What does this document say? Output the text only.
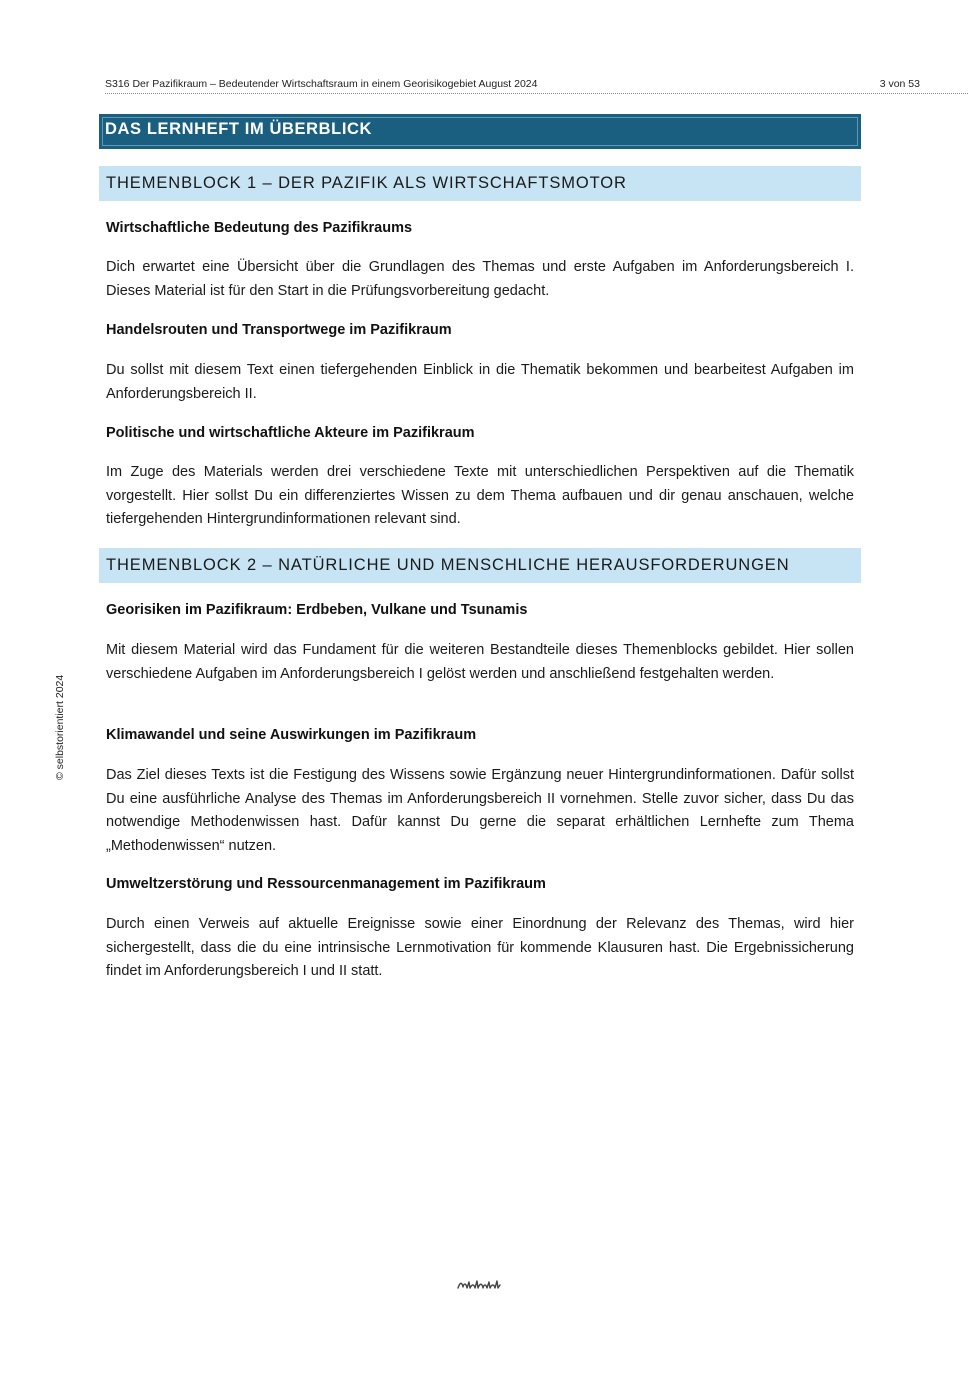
S316 Der Pazifikraum – Bedeutender Wirtschaftsraum in einem Georisikogebiet August 2024	3 von 53
DAS LERNHEFT IM ÜBERBLICK
THEMENBLOCK 1 – DER PAZIFIK ALS WIRTSCHAFTSMOTOR
Wirtschaftliche Bedeutung des Pazifikraums
Dich erwartet eine Übersicht über die Grundlagen des Themas und erste Aufgaben im Anforderungsbereich I. Dieses Material ist für den Start in die Prüfungsvorbereitung gedacht.
Handelsrouten und Transportwege im Pazifikraum
Du sollst mit diesem Text einen tiefergehenden Einblick in die Thematik bekommen und bearbeitest Aufgaben im Anforderungsbereich II.
Politische und wirtschaftliche Akteure im Pazifikraum
Im Zuge des Materials werden drei verschiedene Texte mit unterschiedlichen Perspektiven auf die Thematik vorgestellt. Hier sollst Du ein differenziertes Wissen zu dem Thema aufbauen und dir genau anschauen, welche tiefergehenden Hintergrundinformationen relevant sind.
THEMENBLOCK 2 – NATÜRLICHE UND MENSCHLICHE HERAUSFORDERUNGEN
Georisiken im Pazifikraum: Erdbeben, Vulkane und Tsunamis
Mit diesem Material wird das Fundament für die weiteren Bestandteile dieses Themenblocks gebildet. Hier sollen verschiedene Aufgaben im Anforderungsbereich I gelöst werden und anschließend festgehalten werden.
Klimawandel und seine Auswirkungen im Pazifikraum
Das Ziel dieses Texts ist die Festigung des Wissens sowie Ergänzung neuer Hintergrundinformationen. Dafür sollst Du eine ausführliche Analyse des Themas im Anforderungsbereich II vornehmen. Stelle zuvor sicher, dass Du das notwendige Methodenwissen hast. Dafür kannst Du gerne die separat erhältlichen Lernhefte zum Thema „Methodenwissen“ nutzen.
Umweltzerstörung und Ressourcenmanagement im Pazifikraum
Durch einen Verweis auf aktuelle Ereignisse sowie einer Einordnung der Relevanz des Themas, wird hier sichergestellt, dass die du eine intrinsische Lernmotivation für kommende Klausuren hast. Die Ergebnissicherung findet im Anforderungsbereich I und II statt.
© selbstorientiert 2024
